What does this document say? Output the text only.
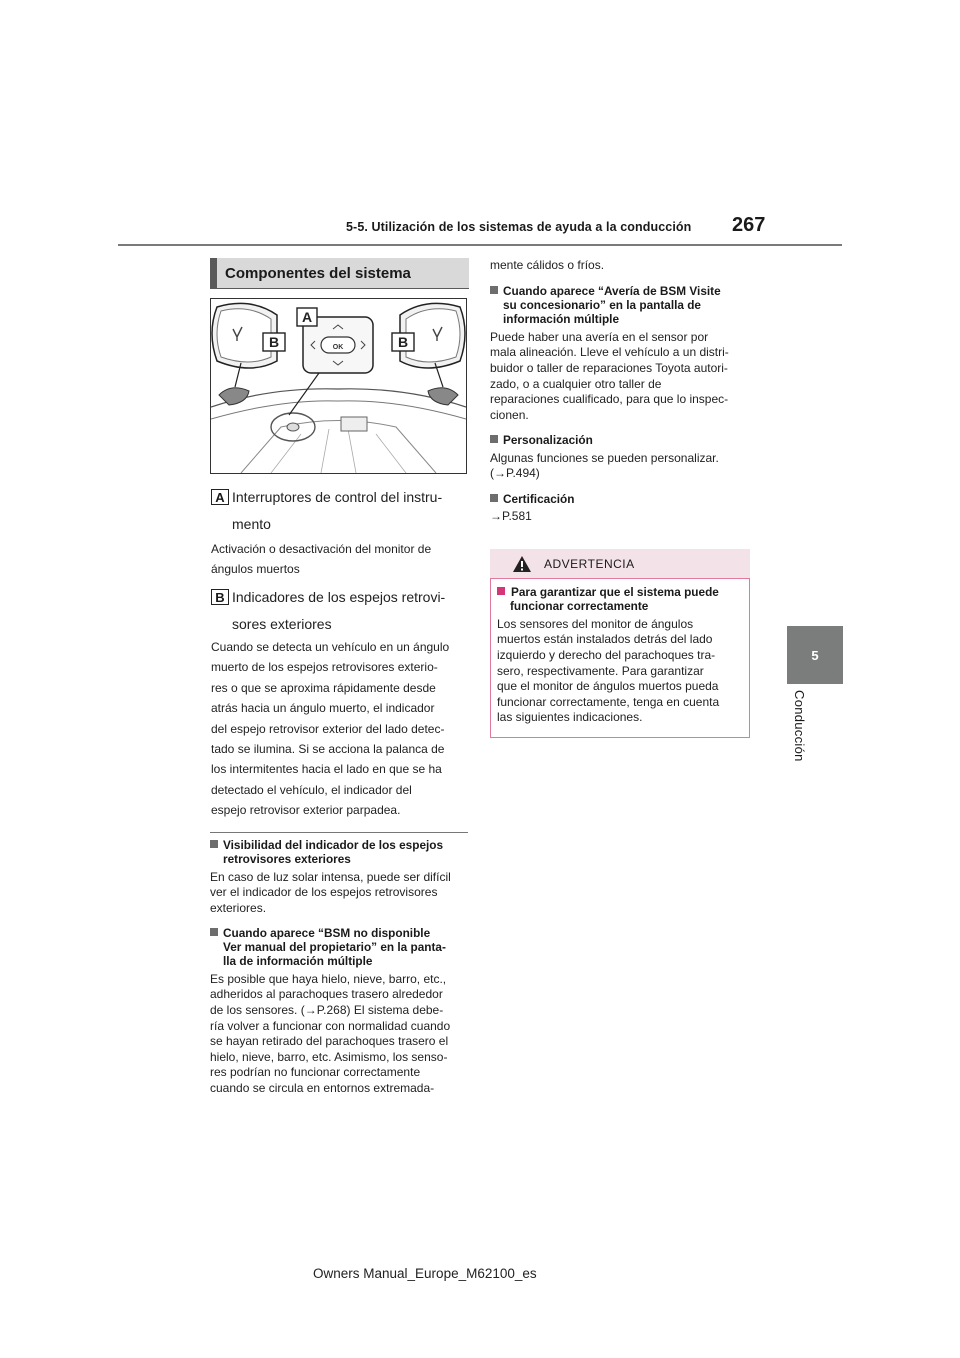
5-5. Utilización de los sistemas de ayuda a la conducción 267
5
Conducción
Componentes del sistema
OK
A
B	B
A Interruptores de control del instru-
mento
Activación o desactivación del monitor de
ángulos muertos
B Indicadores de los espejos retrovi-
sores exteriores
Cuando se detecta un vehículo en un ángulo
muerto de los espejos retrovisores exterio-
res o que se aproxima rápidamente desde
atrás hacia un ángulo muerto, el indicador
del espejo retrovisor exterior del lado detec-
tado se ilumina. Si se acciona la palanca de
los intermitentes hacia el lado en que se ha
detectado el vehículo, el indicador del
espejo retrovisor exterior parpadea.
Visibilidad del indicador de los espejos
retrovisores exteriores
En caso de luz solar intensa, puede ser difícil
ver el indicador de los espejos retrovisores
exteriores.
Cuando aparece “BSM no disponible
Ver manual del propietario” en la panta-
lla de información múltiple
Es posible que haya hielo, nieve, barro, etc.,
adheridos al parachoques trasero alrededor
de los sensores. (→P.268) El sistema debe-
ría volver a funcionar con normalidad cuando
se hayan retirado del parachoques trasero el
hielo, nieve, barro, etc. Asimismo, los senso-
res podrían no funcionar correctamente
cuando se circula en entornos extremada-
mente cálidos o fríos.
Cuando aparece “Avería de BSM Visite
su concesionario” en la pantalla de
información múltiple
Puede haber una avería en el sensor por
mala alineación. Lleve el vehículo a un distri-
buidor o taller de reparaciones Toyota autori-
zado, o a cualquier otro taller de
reparaciones cualificado, para que lo inspec-
cionen.
Personalización
Algunas funciones se pueden personalizar.
(→P.494)
Certificación
→P.581
ADVERTENCIA
Para garantizar que el sistema puede
funcionar correctamente
Los sensores del monitor de ángulos
muertos están instalados detrás del lado
izquierdo y derecho del parachoques tra-
sero, respectivamente. Para garantizar
que el monitor de ángulos muertos pueda
funcionar correctamente, tenga en cuenta
las siguientes indicaciones.
Owners Manual_Europe_M62100_es
